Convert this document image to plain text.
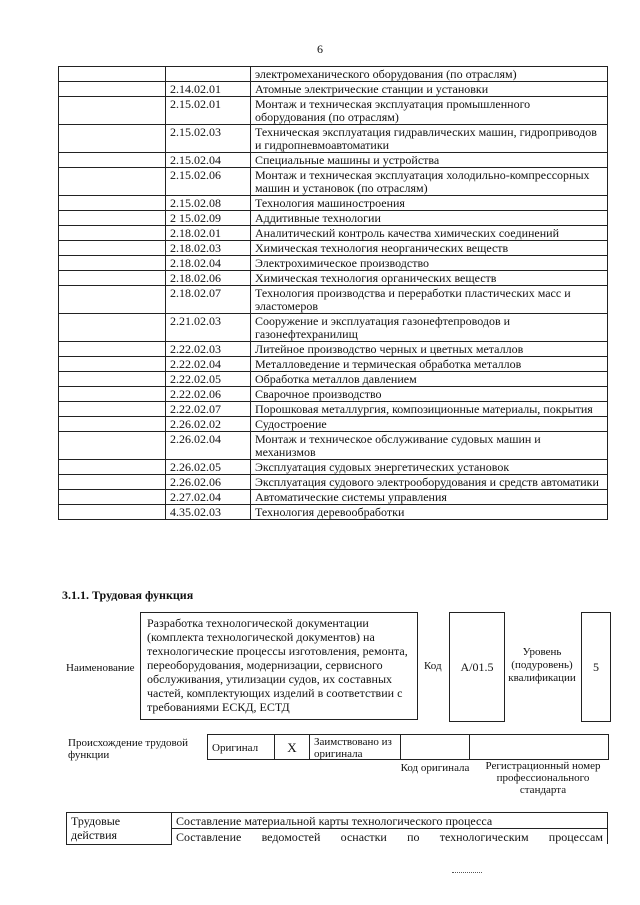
6
		электромеханического оборудования (по отраслям)
	2.14.02.01	Атомные электрические станции и установки
	2.15.02.01	Монтаж и техническая эксплуатация промышленного оборудования (по отраслям)
	2.15.02.03	Техническая эксплуатация гидравлических машин, гидроприводов и гидропневмоавтоматики
	2.15.02.04	Специальные машины и устройства
	2.15.02.06	Монтаж и техническая эксплуатация холодильно-компрессорных машин и установок (по отраслям)
	2.15.02.08	Технология машиностроения
	2 15.02.09	Аддитивные технологии
	2.18.02.01	Аналитический контроль качества химических соединений
	2.18.02.03	Химическая технология неорганических веществ
	2.18.02.04	Электрохимическое производство
	2.18.02.06	Химическая технология органических веществ
	2.18.02.07	Технология производства и переработки пластических масс и эластомеров
	2.21.02.03	Сооружение и эксплуатация газонефтепроводов и газонефтехранилищ
	2.22.02.03	Литейное производство черных и цветных металлов
	2.22.02.04	Металловедение и термическая обработка металлов
	2.22.02.05	Обработка металлов давлением
	2.22.02.06	Сварочное производство
	2.22.02.07	Порошковая металлургия, композиционные материалы, покрытия
	2.26.02.02	Судостроение
	2.26.02.04	Монтаж и техническое обслуживание судовых машин и механизмов
	2.26.02.05	Эксплуатация судовых энергетических установок
	2.26.02.06	Эксплуатация судового электрооборудования и средств автоматики
	2.27.02.04	Автоматические системы управления
	4.35.02.03	Технология деревообработки
3.1.1. Трудовая функция
Наименование
Разработка технологической документации (комплекта технологической документов) на технологические процессы изготовления, ремонта, переоборудования, модернизации, сервисного обслуживания, утилизации судов, их составных частей, комплектующих изделий в соответствии с требованиями ЕСКД, ЕСТД
Код	А/01.5
Уровень (подуровень) квалификации
5
Происхождение трудовой функции
Оригинал	X	Заимствовано из оригинала
Код оригинала	Регистрационный номер профессионального стандарта
Трудовые действия	Составление материальной карты технологического процесса

Составление ведомостей оснастки по технологическим процессам
